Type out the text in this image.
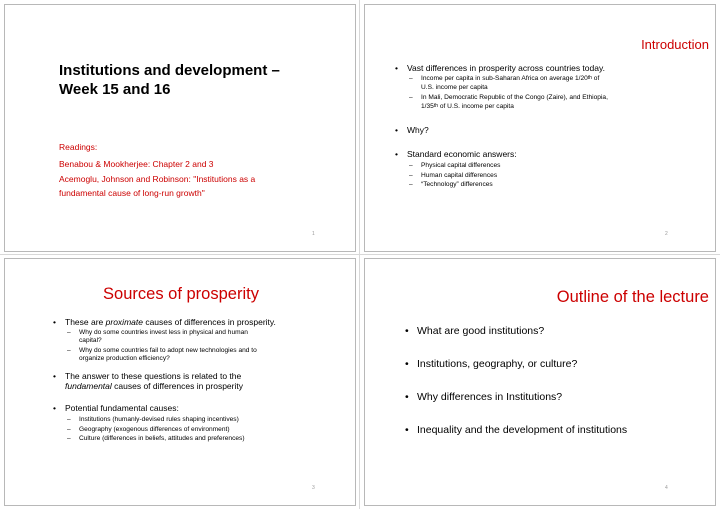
Institutions and development –
Week 15 and 16
Readings:
Benabou & Mookherjee: Chapter 2 and 3
Acemoglu, Johnson and Robinson: "Institutions as a
fundamental cause of long-run growth"
1
Introduction
• Vast differences in prosperity across countries today.
– Income per capita in sub-Saharan Africa on average 1/20th of
U.S. income per capita
– In Mali, Democratic Republic of the Congo (Zaire), and Ethiopia,
1/35th of U.S. income per capita
• Why?
• Standard economic answers:
– Physical capital differences
– Human capital differences
– “Technology” differences
2
Sources of prosperity
• These are proximate causes of differences in prosperity.
– Why do some countries invest less in physical and human
capital?
– Why do some countries fail to adopt new technologies and to
organize production efficiency?
• The answer to these questions is related to the
fundamental causes of differences in prosperity
• Potential fundamental causes:
– Institutions (humanly-devised rules shaping incentives)
– Geography (exogenous differences of environment)
– Culture (differences in beliefs, attitudes and preferences)
3
Outline of the lecture
• What are good institutions?
• Institutions, geography, or culture?
• Why differences in Institutions?
• Inequality and the development of institutions
4
